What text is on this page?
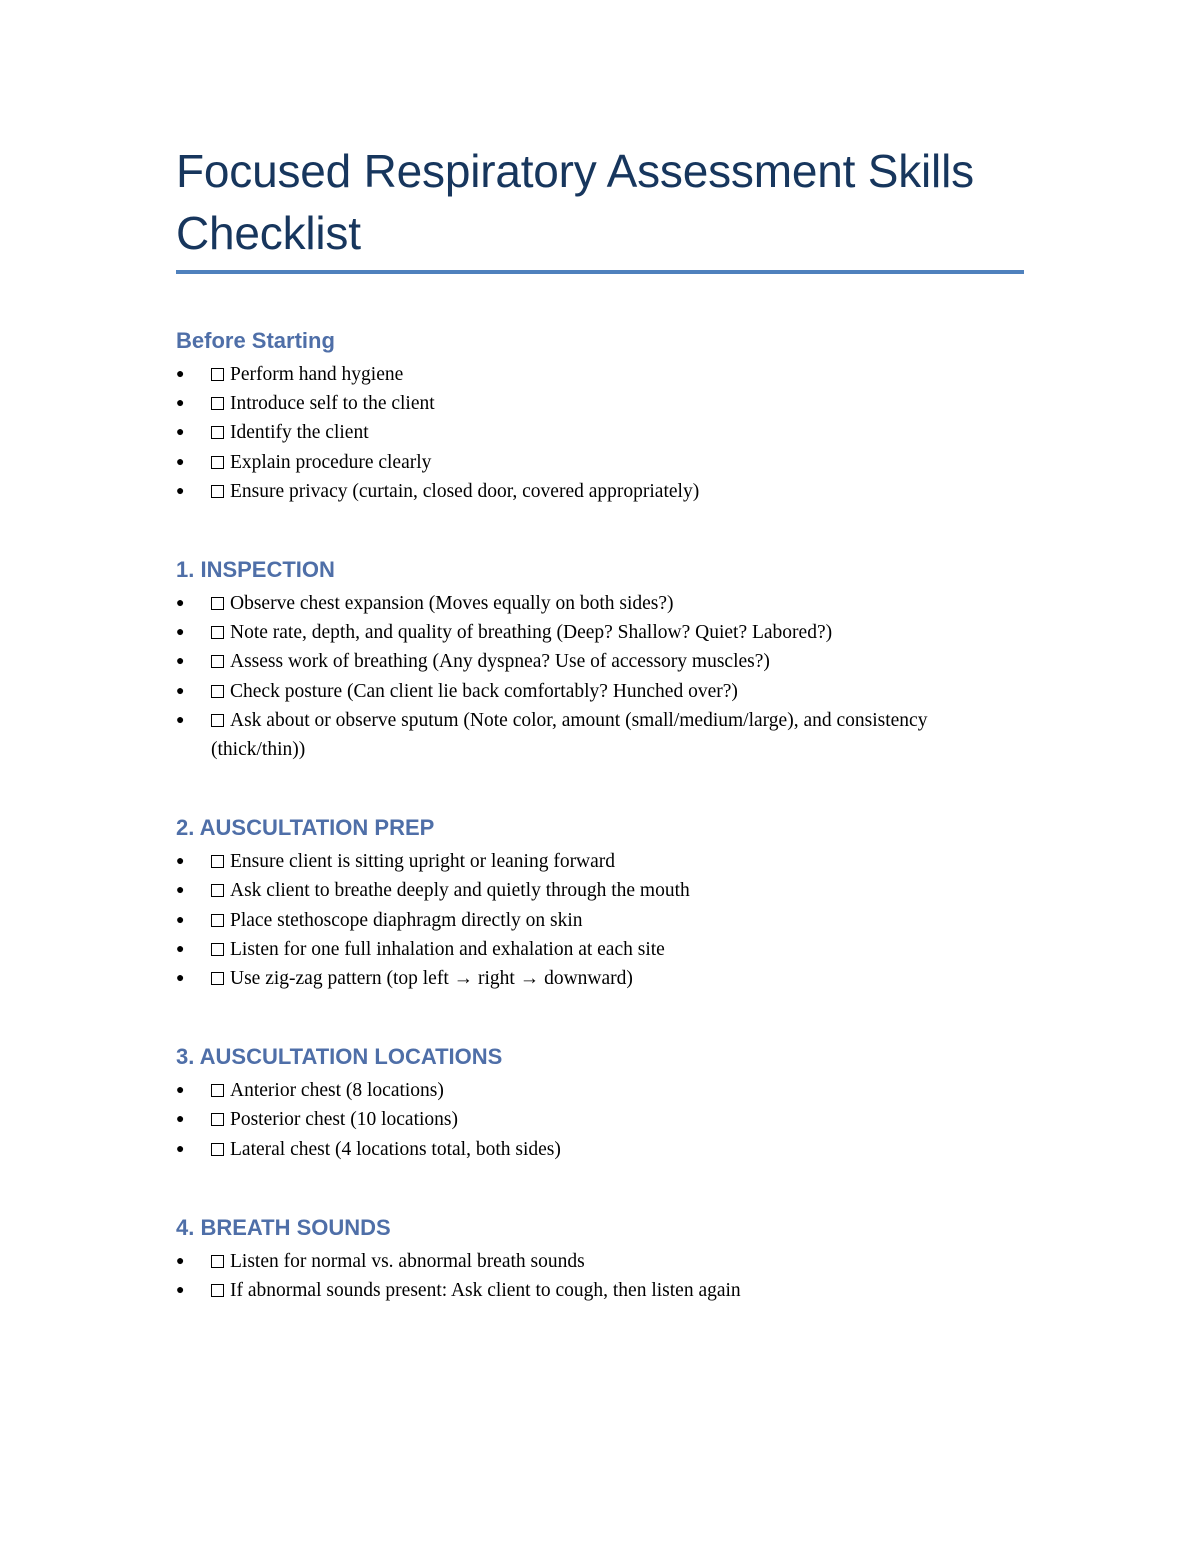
Focused Respiratory Assessment Skills Checklist
Before Starting
● Perform hand hygiene
● Introduce self to the client
● Identify the client
● Explain procedure clearly
● Ensure privacy (curtain, closed door, covered appropriately)
1. INSPECTION
● Observe chest expansion (Moves equally on both sides?)
● Note rate, depth, and quality of breathing (Deep? Shallow? Quiet? Labored?)
● Assess work of breathing (Any dyspnea? Use of accessory muscles?)
● Check posture (Can client lie back comfortably? Hunched over?)
● Ask about or observe sputum (Note color, amount (small/medium/large), and consistency (thick/thin))
2. AUSCULTATION PREP
● Ensure client is sitting upright or leaning forward
● Ask client to breathe deeply and quietly through the mouth
● Place stethoscope diaphragm directly on skin
● Listen for one full inhalation and exhalation at each site
● Use zig-zag pattern (top left → right → downward)
3. AUSCULTATION LOCATIONS
● Anterior chest (8 locations)
● Posterior chest (10 locations)
● Lateral chest (4 locations total, both sides)
4. BREATH SOUNDS
● Listen for normal vs. abnormal breath sounds
● If abnormal sounds present: Ask client to cough, then listen again
